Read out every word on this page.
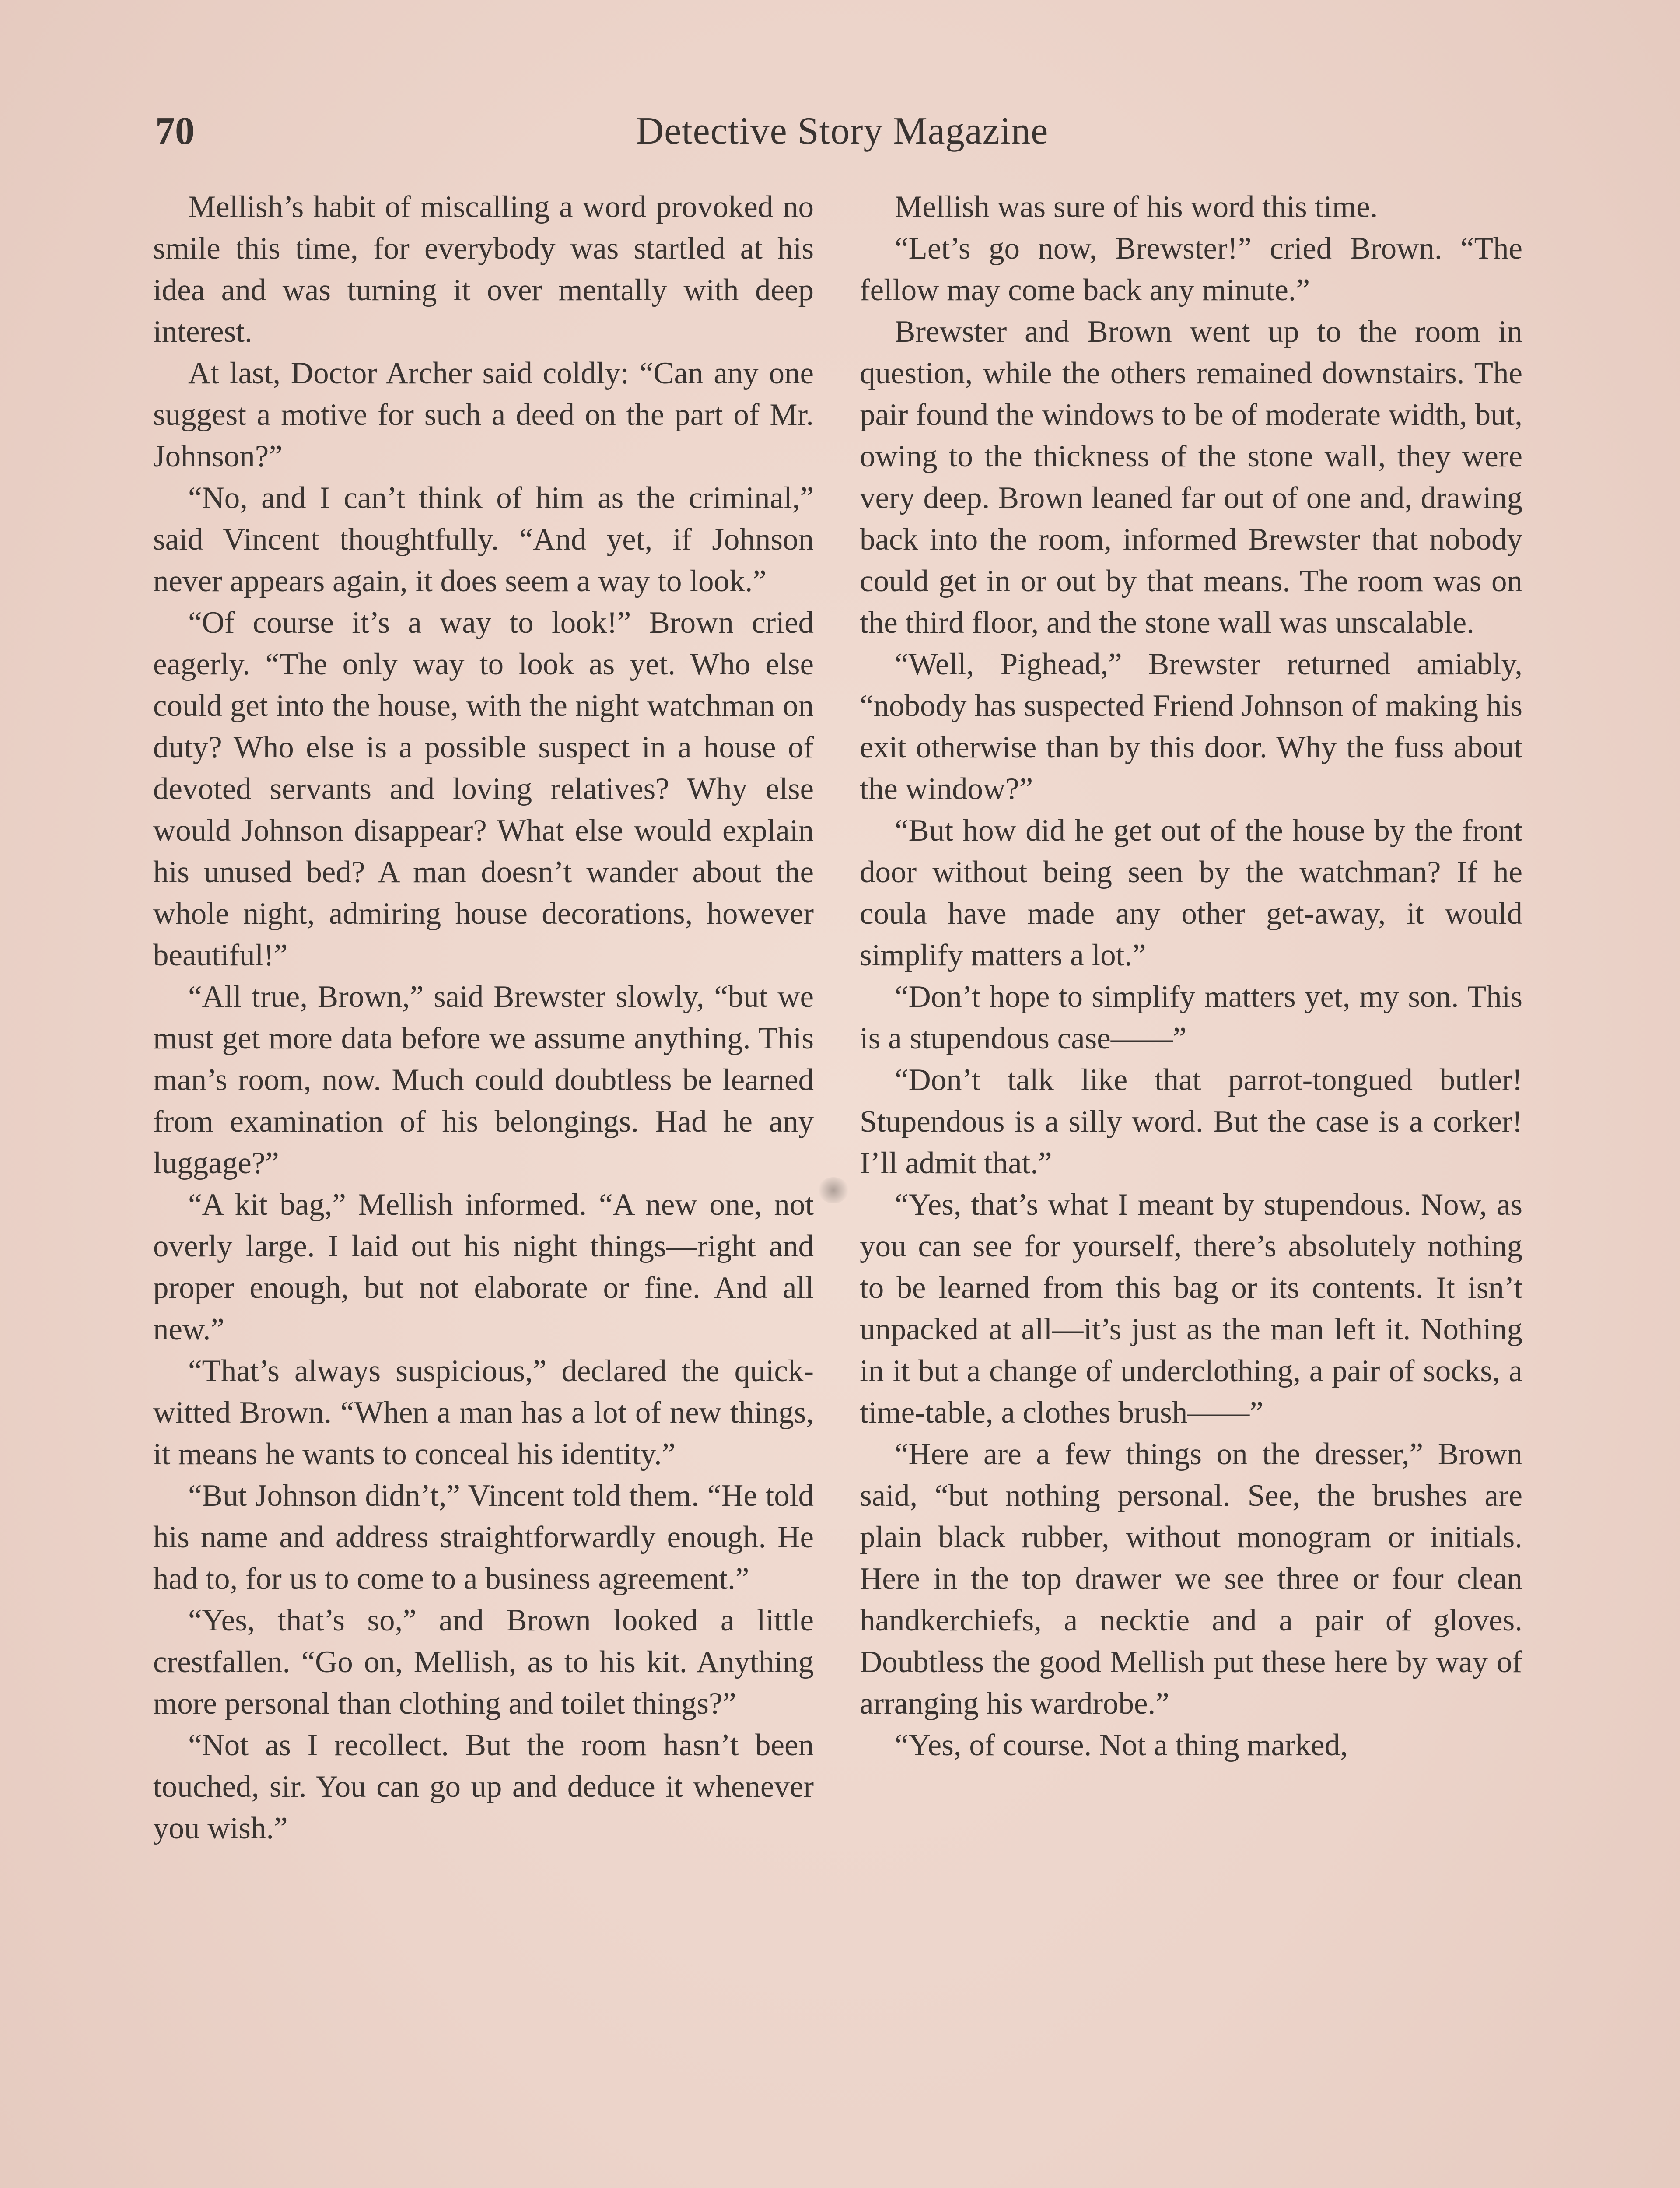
70	Detective Story Magazine

Mellish’s habit of miscalling a word provoked no smile this time, for everybody was startled at his idea and was turning it over mentally with deep interest.

At last, Doctor Archer said coldly: “Can any one suggest a motive for such a deed on the part of Mr. Johnson?”

“No, and I can’t think of him as the criminal,” said Vincent thoughtfully. “And yet, if Johnson never appears again, it does seem a way to look.”

“Of course it’s a way to look!” Brown cried eagerly. “The only way to look as yet. Who else could get into the house, with the night watchman on duty? Who else is a possible suspect in a house of devoted servants and loving relatives? Why else would Johnson disappear? What else would explain his unused bed? A man doesn’t wander about the whole night, admiring house decorations, however beautiful!”

“All true, Brown,” said Brewster slowly, “but we must get more data before we assume anything. This man’s room, now. Much could doubtless be learned from examination of his belongings. Had he any luggage?”

“A kit bag,” Mellish informed. “A new one, not overly large. I laid out his night things—right and proper enough, but not elaborate or fine. And all new.”

“That’s always suspicious,” declared the quick-witted Brown. “When a man has a lot of new things, it means he wants to conceal his identity.”

“But Johnson didn’t,” Vincent told them. “He told his name and address straightforwardly enough. He had to, for us to come to a business agreement.”

“Yes, that’s so,” and Brown looked a little crestfallen. “Go on, Mellish, as to his kit. Anything more personal than clothing and toilet things?”

“Not as I recollect. But the room hasn’t been touched, sir. You can go up and deduce it whenever you wish.”

Mellish was sure of his word this time.

“Let’s go now, Brewster!” cried Brown. “The fellow may come back any minute.”

Brewster and Brown went up to the room in question, while the others remained downstairs. The pair found the windows to be of moderate width, but, owing to the thickness of the stone wall, they were very deep. Brown leaned far out of one and, drawing back into the room, informed Brewster that nobody could get in or out by that means. The room was on the third floor, and the stone wall was unscalable.

“Well, Pighead,” Brewster returned amiably, “nobody has suspected Friend Johnson of making his exit otherwise than by this door. Why the fuss about the window?”

“But how did he get out of the house by the front door without being seen by the watchman? If he coula have made any other get-away, it would simplify matters a lot.”

“Don’t hope to simplify matters yet, my son. This is a stupendous case——”

“Don’t talk like that parrot-tongued butler! Stupendous is a silly word. But the case is a corker! I’ll admit that.”

“Yes, that’s what I meant by stupendous. Now, as you can see for yourself, there’s absolutely nothing to be learned from this bag or its contents. It isn’t unpacked at all—it’s just as the man left it. Nothing in it but a change of underclothing, a pair of socks, a time-table, a clothes brush——”

“Here are a few things on the dresser,” Brown said, “but nothing personal. See, the brushes are plain black rubber, without monogram or initials. Here in the top drawer we see three or four clean handkerchiefs, a necktie and a pair of gloves. Doubtless the good Mellish put these here by way of arranging his wardrobe.”

“Yes, of course. Not a thing marked,
